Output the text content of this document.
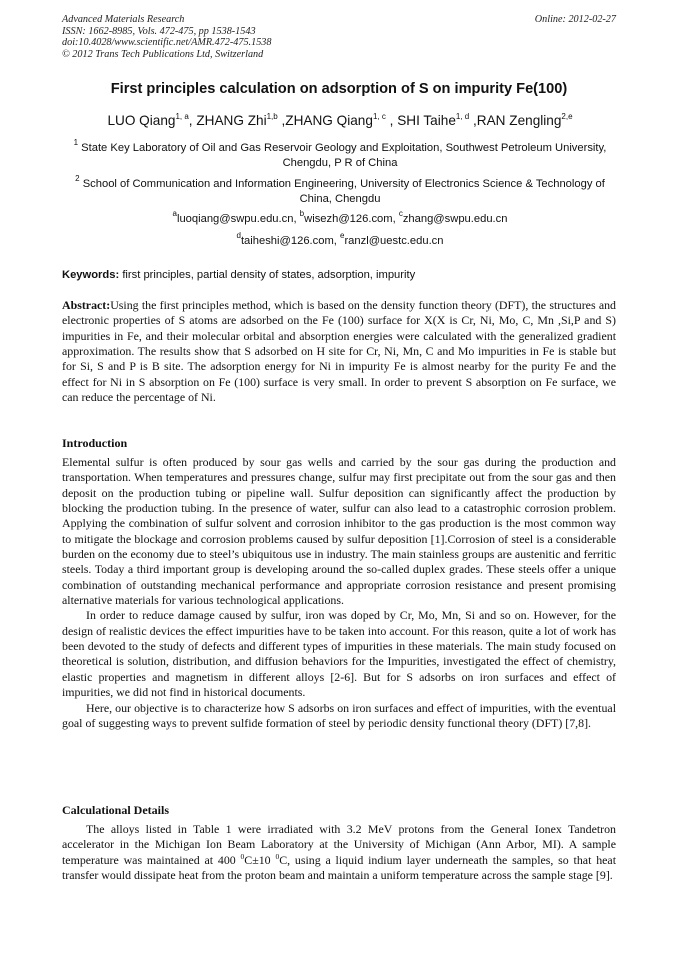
Advanced Materials Research
ISSN: 1662-8985, Vols. 472-475, pp 1538-1543
doi:10.4028/www.scientific.net/AMR.472-475.1538
© 2012 Trans Tech Publications Ltd, Switzerland
Online: 2012-02-27
First principles calculation on adsorption of S on impurity Fe(100)
LUO Qiang$^{1, a}$, ZHANG Zhi$^{1,b}$ ,ZHANG Qiang$^{1, c}$ , SHI Taihe$^{1, d}$ ,RAN Zengling$^{2,e}$
$^1$ State Key Laboratory of Oil and Gas Reservoir Geology and Exploitation, Southwest Petroleum University, Chengdu, P R of China
$^2$ School of Communication and Information Engineering, University of Electronics Science & Technology of China, Chengdu
$^a$luoqiang@swpu.edu.cn, $^b$wisezh@126.com, $^c$zhang@swpu.edu.cn
$^d$taiheshi@126.com, $^e$ranzl@uestc.edu.cn
Keywords: first principles, partial density of states, adsorption, impurity
Abstract:Using the first principles method, which is based on the density function theory (DFT), the structures and electronic properties of S atoms are adsorbed on the Fe (100) surface for X(X is Cr, Ni, Mo, C, Mn ,Si,P and S) impurities in Fe, and their molecular orbital and absorption energies were calculated with the generalized gradient approximation. The results show that S adsorbed on H site for Cr, Ni, Mn, C and Mo impurities in Fe is stable but for Si, S and P is B site. The adsorption energy for Ni in impurity Fe is almost nearby for the purity Fe and the effect for Ni in S absorption on Fe (100) surface is very small. In order to prevent S absorption on Fe surface, we can reduce the percentage of Ni.
Introduction

Elemental sulfur is often produced by sour gas wells and carried by the sour gas during the production and transportation. When temperatures and pressures change, sulfur may first precipitate out from the sour gas and then deposit on the production tubing or pipeline wall. Sulfur deposition can significantly affect the production by blocking the production tubing. In the presence of water, sulfur can also lead to a catastrophic corrosion problem. Applying the combination of sulfur solvent and corrosion inhibitor to the gas production is the most common way to mitigate the blockage and corrosion problems caused by sulfur deposition [1].Corrosion of steel is a considerable burden on the economy due to steel’s ubiquitous use in industry. The main stainless groups are austenitic and ferritic steels. Today a third important group is developing around the so-called duplex grades. These steels offer a unique combination of outstanding mechanical performance and appropriate corrosion resistance and present promising alternative materials for various technological applications.

In order to reduce damage caused by sulfur, iron was doped by Cr, Mo, Mn, Si and so on. However, for the design of realistic devices the effect impurities have to be taken into account. For this reason, quite a lot of work has been devoted to the study of defects and different types of impurities in these materials. The main study focused on theoretical is solution, distribution, and diffusion behaviors for the Impurities, investigated the effect of chemistry, elastic properties and magnetism in different alloys [2-6]. But for S adsorbs on iron surfaces and effect of impurities, we did not find in historical documents.

Here, our objective is to characterize how S adsorbs on iron surfaces and effect of impurities, with the eventual goal of suggesting ways to prevent sulfide formation of steel by periodic density functional theory (DFT) [7,8].

Calculational Details
The alloys listed in Table 1 were irradiated with 3.2 MeV protons from the General Ionex Tandetron accelerator in the Michigan Ion Beam Laboratory at the University of Michigan (Ann Arbor, MI). A sample temperature was maintained at 400 $^0$C±10 $^0$C, using a liquid indium layer underneath the samples, so that heat transfer would dissipate heat from the proton beam and maintain a uniform temperature across the sample stage [9].
